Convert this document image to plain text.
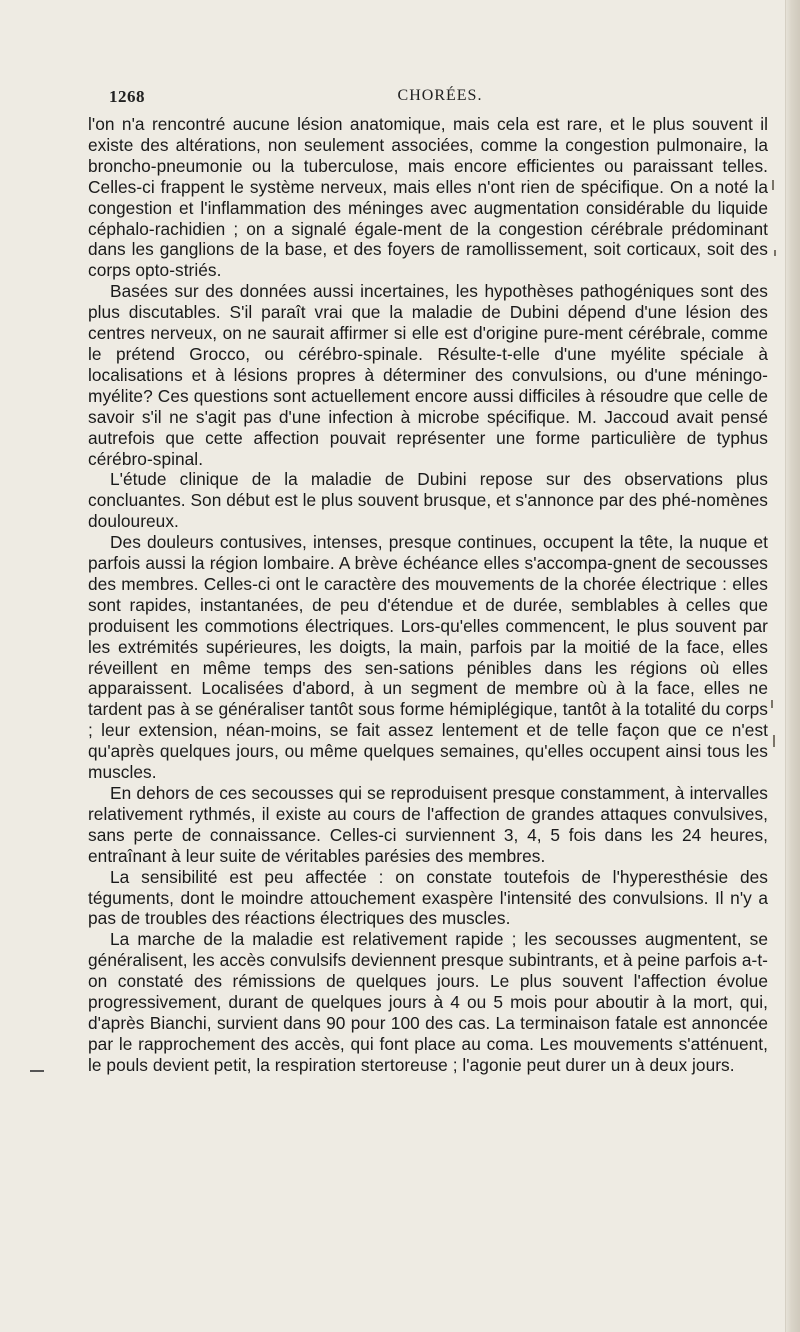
1268	CHORÉES.

l'on n'a rencontré aucune lésion anatomique, mais cela est rare, et le plus souvent il existe des altérations, non seulement associées, comme la congestion pulmonaire, la broncho-pneumonie ou la tuberculose, mais encore efficientes ou paraissant telles. Celles-ci frappent le système nerveux, mais elles n'ont rien de spécifique. On a noté la congestion et l'inflammation des méninges avec augmentation considérable du liquide céphalo-rachidien ; on a signalé égale-ment de la congestion cérébrale prédominant dans les ganglions de la base, et des foyers de ramollissement, soit corticaux, soit des corps opto-striés.

Basées sur des données aussi incertaines, les hypothèses pathogéniques sont des plus discutables. S'il paraît vrai que la maladie de Dubini dépend d'une lésion des centres nerveux, on ne saurait affirmer si elle est d'origine pure-ment cérébrale, comme le prétend Grocco, ou cérébro-spinale. Résulte-t-elle d'une myélite spéciale à localisations et à lésions propres à déterminer des convulsions, ou d'une méningo-myélite? Ces questions sont actuellement encore aussi difficiles à résoudre que celle de savoir s'il ne s'agit pas d'une infection à microbe spécifique. M. Jaccoud avait pensé autrefois que cette affection pouvait représenter une forme particulière de typhus cérébro-spinal.

L'étude clinique de la maladie de Dubini repose sur des observations plus concluantes. Son début est le plus souvent brusque, et s'annonce par des phé-nomènes douloureux.

Des douleurs contusives, intenses, presque continues, occupent la tête, la nuque et parfois aussi la région lombaire. A brève échéance elles s'accompa-gnent de secousses des membres. Celles-ci ont le caractère des mouvements de la chorée électrique : elles sont rapides, instantanées, de peu d'étendue et de durée, semblables à celles que produisent les commotions électriques. Lors-qu'elles commencent, le plus souvent par les extrémités supérieures, les doigts, la main, parfois par la moitié de la face, elles réveillent en même temps des sen-sations pénibles dans les régions où elles apparaissent. Localisées d'abord, à un segment de membre où à la face, elles ne tardent pas à se généraliser tantôt sous forme hémiplégique, tantôt à la totalité du corps ; leur extension, néan-moins, se fait assez lentement et de telle façon que ce n'est qu'après quelques jours, ou même quelques semaines, qu'elles occupent ainsi tous les muscles.

En dehors de ces secousses qui se reproduisent presque constamment, à intervalles relativement rythmés, il existe au cours de l'affection de grandes attaques convulsives, sans perte de connaissance. Celles-ci surviennent 3, 4, 5 fois dans les 24 heures, entraînant à leur suite de véritables parésies des membres.

La sensibilité est peu affectée : on constate toutefois de l'hyperesthésie des téguments, dont le moindre attouchement exaspère l'intensité des convulsions. Il n'y a pas de troubles des réactions électriques des muscles.

La marche de la maladie est relativement rapide ; les secousses augmentent, se généralisent, les accès convulsifs deviennent presque subintrants, et à peine parfois a-t-on constaté des rémissions de quelques jours. Le plus souvent l'affection évolue progressivement, durant de quelques jours à 4 ou 5 mois pour aboutir à la mort, qui, d'après Bianchi, survient dans 90 pour 100 des cas. La terminaison fatale est annoncée par le rapprochement des accès, qui font place au coma. Les mouvements s'atténuent, le pouls devient petit, la respiration stertoreuse ; l'agonie peut durer un à deux jours.
